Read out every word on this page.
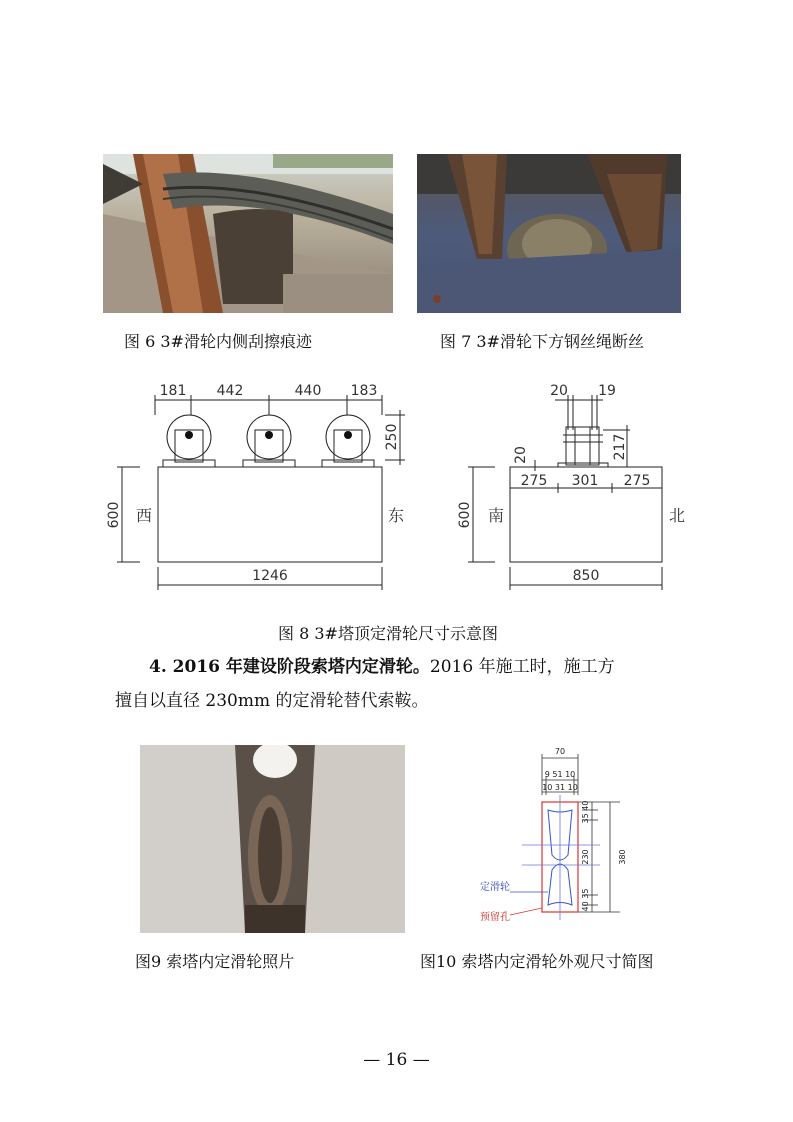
图 6 3#滑轮内侧刮擦痕迹	图 7 3#滑轮下方钢丝绳断丝
181 442	440 183
250
600
1246
西	东
20 19
217
20
275 301 275
600
850
南	北
图 8 3#塔顶定滑轮尺寸示意图
4. 2016 年建设阶段索塔内定滑轮。2016 年施工时，施工方
擅自以直径 230mm 的定滑轮替代索鞍。
图9 索塔内定滑轮照片
70
9 51 10
10 31 10
35 40
230
40 35
380
定滑轮
预留孔
图10 索塔内定滑轮外观尺寸简图
— 16 —
